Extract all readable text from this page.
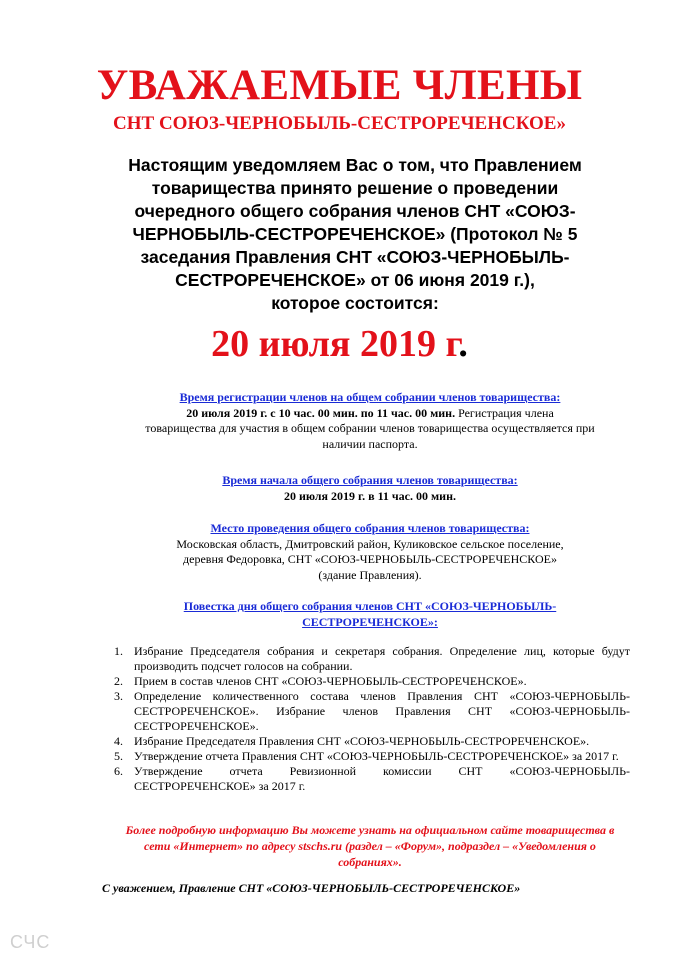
УВАЖАЕМЫЕ ЧЛЕНЫ
СНТ СОЮЗ-ЧЕРНОБЫЛЬ-СЕСТРОРЕЧЕНСКОЕ»
Настоящим уведомляем Вас о том, что Правлением
товарищества принято решение о проведении
очередного общего собрания членов СНТ «СОЮЗ-
ЧЕРНОБЫЛЬ-СЕСТРОРЕЧЕНСКОЕ» (Протокол № 5
заседания Правления СНТ «СОЮЗ-ЧЕРНОБЫЛЬ-
СЕСТРОРЕЧЕНСКОЕ» от 06 июня 2019 г.),
которое состоится:
20 июля 2019 г.
Время регистрации членов на общем собрании членов товарищества:
20 июля 2019 г. с 10 час. 00 мин. по 11 час. 00 мин. Регистрация члена
товарищества для участия в общем собрании членов товарищества осуществляется при
наличии паспорта.
Время начала общего собрания членов товарищества:
20 июля 2019 г. в 11 час. 00 мин.
Место проведения общего собрания членов товарищества:
Московская область, Дмитровский район, Куликовское сельское поселение,
деревня Федоровка, СНТ «СОЮЗ-ЧЕРНОБЫЛЬ-СЕСТРОРЕЧЕНСКОЕ»
(здание Правления).
Повестка дня общего собрания членов СНТ «СОЮЗ-ЧЕРНОБЫЛЬ-
СЕСТРОРЕЧЕНСКОЕ»:
1. Избрание Председателя собрания и секретаря собрания. Определение лиц, которые будут производить подсчет голосов на собрании.
2. Прием в состав членов СНТ «СОЮЗ-ЧЕРНОБЫЛЬ-СЕСТРОРЕЧЕНСКОЕ».
3. Определение количественного состава членов Правления СНТ «СОЮЗ-ЧЕРНОБЫЛЬ-СЕСТРОРЕЧЕНСКОЕ». Избрание членов Правления СНТ «СОЮЗ-ЧЕРНОБЫЛЬ-СЕСТРОРЕЧЕНСКОЕ».
4. Избрание Председателя Правления СНТ «СОЮЗ-ЧЕРНОБЫЛЬ-СЕСТРОРЕЧЕНСКОЕ».
5. Утверждение отчета Правления СНТ «СОЮЗ-ЧЕРНОБЫЛЬ-СЕСТРОРЕЧЕНСКОЕ» за 2017 г.
6. Утверждение отчета Ревизионной комиссии СНТ «СОЮЗ-ЧЕРНОБЫЛЬ-СЕСТРОРЕЧЕНСКОЕ» за 2017 г.
Более подробную информацию Вы можете узнать на официальном сайте товарищества в
сети «Интернет» по адресу stschs.ru (раздел – «Форум», подраздел – «Уведомления о
собраниях».
С уважением, Правление СНТ «СОЮЗ-ЧЕРНОБЫЛЬ-СЕСТРОРЕЧЕНСКОЕ»
СЧС
